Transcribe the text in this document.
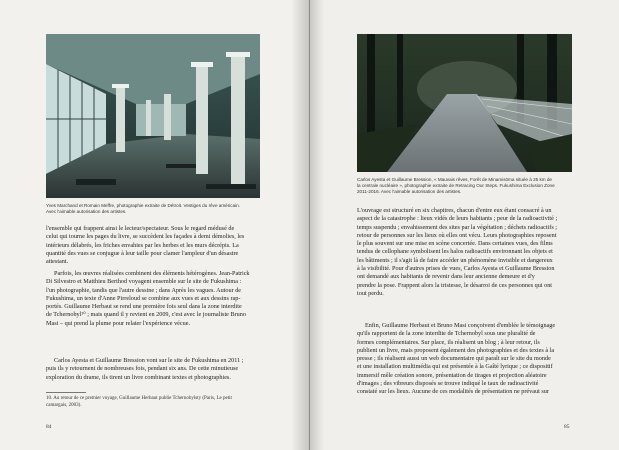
Yves Marchand et Romain Meffre, photographie extraite de Détroit. Vestiges du rêve américain.
Avec l'aimable autorisation des artistes.
l'ensemble qui frappent ainsi le lecteur/spectateur. Sous le regard médusé de
celui qui tourne les pages du livre, se succèdent les façades à demi démolies, les
intérieurs délabrés, les friches envahies par les herbes et les murs décrépis. La
quantité des vues se conjugue à leur taille pour clamer l'ampleur d'un désastre
attestant.
Parfois, les œuvres réalisées combinent des éléments hétérogènes. Jean-Patrick
Di Silvestro et Matthieu Berthod voyagent ensemble sur le site de Fukushima :
l'un photographie, tandis que l'autre dessine ; dans Après les vagues. Autour de
Fukushima, un texte d'Anne Pirreloud se combine aux vues et aux dessins rap-
portés. Guillaume Herbaut se rend une première fois seul dans la zone interdite
de Tchernobyl¹⁰ ; mais quand il y revient en 2009, c'est avec le journaliste Bruno
Masi – qui prend la plume pour relater l'expérience vécue.
Carlos Ayesta et Guillaume Bression vont sur le site de Fukushima en 2011 ;
puis ils y retournent de nombreuses fois, pendant six ans. De cette minutieuse
exploration du drame, ils tirent un livre combinant textes et photographies.
10. Au retour de ce premier voyage, Guillaume Herbaut publie Tchernobylsty (Paris, Le petit
camargais, 2003).
84
Carlos Ayesta et Guillaume Bression, « Mauvais rêves, Forêt de Minamisōma située à 25 km de
la centrale nucléaire », photographie extraite de Retracing Our Steps. Fukushima Exclusion Zone
2011-2016. Avec l'aimable autorisation des artistes.
L'ouvrage est structuré en six chapitres, chacun d'entre eux étant consacré à un
aspect de la catastrophe : lieux vidés de leurs habitants ; peur de la radioactivité ;
temps suspendu ; envahissement des sites par la végétation ; déchets radioactifs ;
retour de personnes sur les lieux où elles ont vécu. Leurs photographies reposent
le plus souvent sur une mise en scène concertée. Dans certaines vues, des films
tendus de cellophane symbolisent les halos radioactifs environnant les objets et
les bâtiments ; il s'agit là de faire accéder un phénomène invisible et dangereux
à la visibilité. Pour d'autres prises de vues, Carlos Ayesta et Guillaume Bression
ont demandé aux habitants de revenir dans leur ancienne demeure et d'y
prendre la pose. Frappent alors la tristesse, le désarroi de ces personnes qui ont
tout perdu.
Enfin, Guillaume Herbaut et Bruno Masi conçoivent d'emblée le témoignage
qu'ils rapportent de la zone interdite de Tchernobyl sous une pluralité de
formes complémentaires. Sur place, ils réalisent un blog ; à leur retour, ils
publient un livre, mais proposent également des photographies et des textes à la
presse ; ils réalisent aussi un web documentaire qui paraît sur le site du monde
et une installation multimédia qui est présentée à la Gaîté lyrique ; ce dispositif
immersif mêle création sonore, présentation de tirages et projection aléatoire
d'images ; des vibreurs disposés se trouve indiqué le taux de radioactivité
constaté sur les lieux. Aucune de ces modalités de présentation ne prévaut sur
85
